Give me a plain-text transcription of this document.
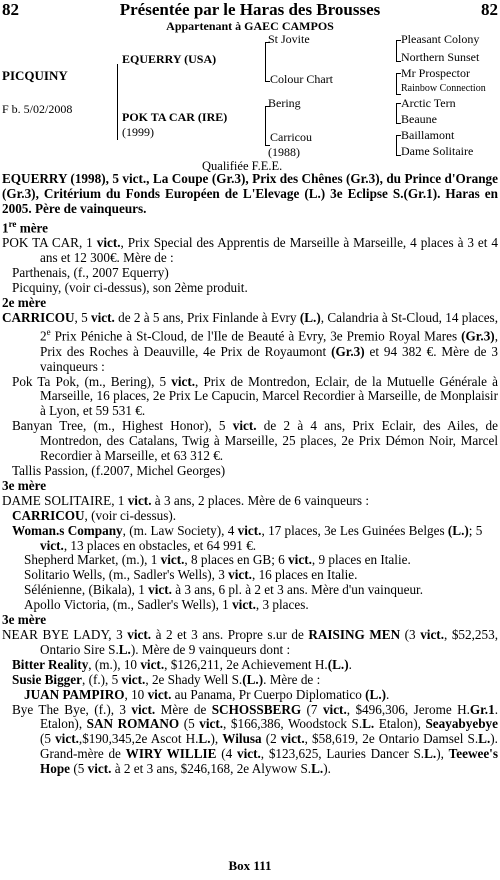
82	Présentée par le Haras des Brousses	82
Appartenant à GAEC CAMPOS
PICQUINY
F b. 5/02/2008
EQUERRY (USA)
POK TA CAR (IRE)
(1999)
St Jovite
Colour Chart
Bering
Carricou
(1988)
Pleasant Colony
Northern Sunset
Mr Prospector
Rainbow Connection
Arctic Tern
Beaune
Baillamont
Dame Solitaire
Qualifiée F.E.E.

EQUERRY (1998), 5 vict., La Coupe (Gr.3), Prix des Chênes (Gr.3), du Prince d'Orange (Gr.3), Critérium du Fonds Européen de L'Elevage (L.) 3e Eclipse S.(Gr.1). Haras en 2005. Père de vainqueurs.

1re mère

POK TA CAR, 1 vict., Prix Special des Apprentis de Marseille à Marseille, 4 places à 3 et 4 ans et 12 300€. Mère de :

Parthenais, (f., 2007 Equerry)

Picquiny, (voir ci-dessus), son 2ème produit.

2e mère

CARRICOU, 5 vict. de 2 à 5 ans, Prix Finlande à Evry (L.), Calandria à St-Cloud, 14 places, 2e Prix Péniche à St-Cloud, de l'Ile de Beauté à Evry, 3e Premio Royal Mares (Gr.3), Prix des Roches à Deauville, 4e Prix de Royaumont (Gr.3) et 94 382 €. Mère de 3 vainqueurs :

Pok Ta Pok, (m., Bering), 5 vict., Prix de Montredon, Eclair, de la Mutuelle Générale à Marseille, 16 places, 2e Prix Le Capucin, Marcel Recordier à Marseille, de Monplaisir à Lyon, et 59 531 €.

Banyan Tree, (m., Highest Honor), 5 vict. de 2 à 4 ans, Prix Eclair, des Ailes, de Montredon, des Catalans, Twig à Marseille, 25 places, 2e Prix Démon Noir, Marcel Recordier à Marseille, et 63 312 €.

Tallis Passion, (f.2007, Michel Georges)

3e mère

DAME SOLITAIRE, 1 vict. à 3 ans, 2 places. Mère de 6 vainqueurs :

CARRICOU, (voir ci-dessus).

Woman.s Company, (m. Law Society), 4 vict., 17 places, 3e Les Guinées Belges (L.); 5 vict., 13 places en obstacles, et 64 991 €.

Shepherd Market, (m.), 1 vict., 8 places en GB; 6 vict., 9 places en Italie.

Solitario Wells, (m., Sadler's Wells), 3 vict., 16 places en Italie.

Sélénienne, (Bikala), 1 vict. à 3 ans, 6 pl. à 2 et 3 ans. Mère d'un vainqueur.

Apollo Victoria, (m., Sadler's Wells), 1 vict., 3 places.

3e mère

NEAR BYE LADY, 3 vict. à 2 et 3 ans. Propre s.ur de RAISING MEN (3 vict., $52,253, Ontario Sire S.L.). Mère de 9 vainqueurs dont :

Bitter Reality, (m.), 10 vict., $126,211, 2e Achievement H.(L.).

Susie Bigger, (f.), 5 vict., 2e Shady Well S.(L.). Mère de :

JUAN PAMPIRO, 10 vict. au Panama, Pr Cuerpo Diplomatico (L.).

Bye The Bye, (f.), 3 vict. Mère de SCHOSSBERG (7 vict., $496,306, Jerome H.Gr.1. Etalon), SAN ROMANO (5 vict., $166,386, Woodstock S.L. Etalon), Seayabyebye (5 vict.,$190,345,2e Ascot H.L.), Wilusa (2 vict., $58,619, 2e Ontario Damsel S.L.). Grand-mère de WIRY WILLIE (4 vict., $123,625, Lauries Dancer S.L.), Teewee's Hope (5 vict. à 2 et 3 ans, $246,168, 2e Alywow S.L.).

Box 111
